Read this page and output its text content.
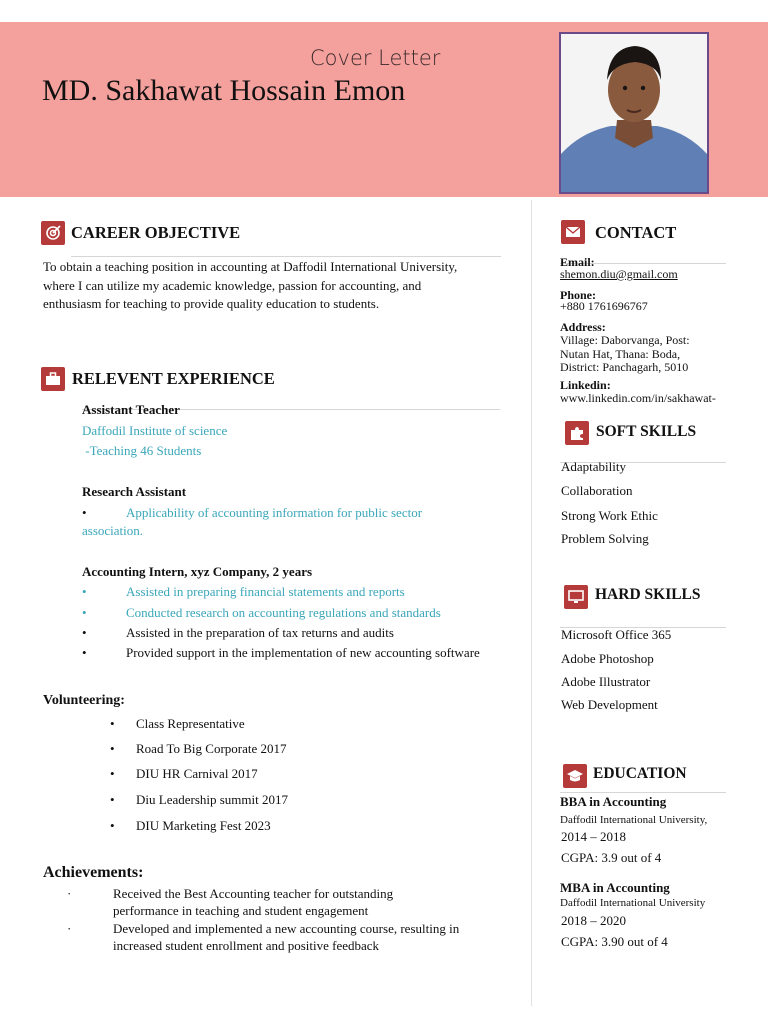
Cover Letter
MD. Sakhawat Hossain Emon
CAREER OBJECTIVE
To obtain a teaching position in accounting at Daffodil International University,
where I can utilize my academic knowledge, passion for accounting, and
enthusiasm for teaching to provide quality education to students.
RELEVENT EXPERIENCE
Assistant Teacher
Daffodil Institute of science
-Teaching 46 Students
Research Assistant
•	Applicability of accounting information for public sector
association.
Accounting Intern, xyz Company, 2 years
•	Assisted in preparing financial statements and reports
•	Conducted research on accounting regulations and standards
•	Assisted in the preparation of tax returns and audits
•	Provided support in the implementation of new accounting software
Volunteering:
• Class Representative
• Road To Big Corporate 2017
• DIU HR Carnival 2017
• Diu Leadership summit 2017
• DIU Marketing Fest 2023
Achievements:
·	Received the Best Accounting teacher for outstanding
performance in teaching and student engagement
·	Developed and implemented a new accounting course, resulting in
increased student enrollment and positive feedback
CONTACT
Email:
shemon.diu@gmail.com
Phone:
+880 1761696767
Address:
Village: Daborvanga, Post:
Nutan Hat, Thana: Boda,
District: Panchagarh, 5010
Linkedin:
www.linkedin.com/in/sakhawat-
SOFT SKILLS
Adaptability
Collaboration
Strong Work Ethic
Problem Solving
HARD SKILLS
Microsoft Office 365
Adobe Photoshop
Adobe Illustrator
Web Development
EDUCATION
BBA in Accounting
Daffodil International University,
2014 – 2018
CGPA: 3.9 out of 4
MBA in Accounting
Daffodil International University
2018 – 2020
CGPA: 3.90 out of 4
